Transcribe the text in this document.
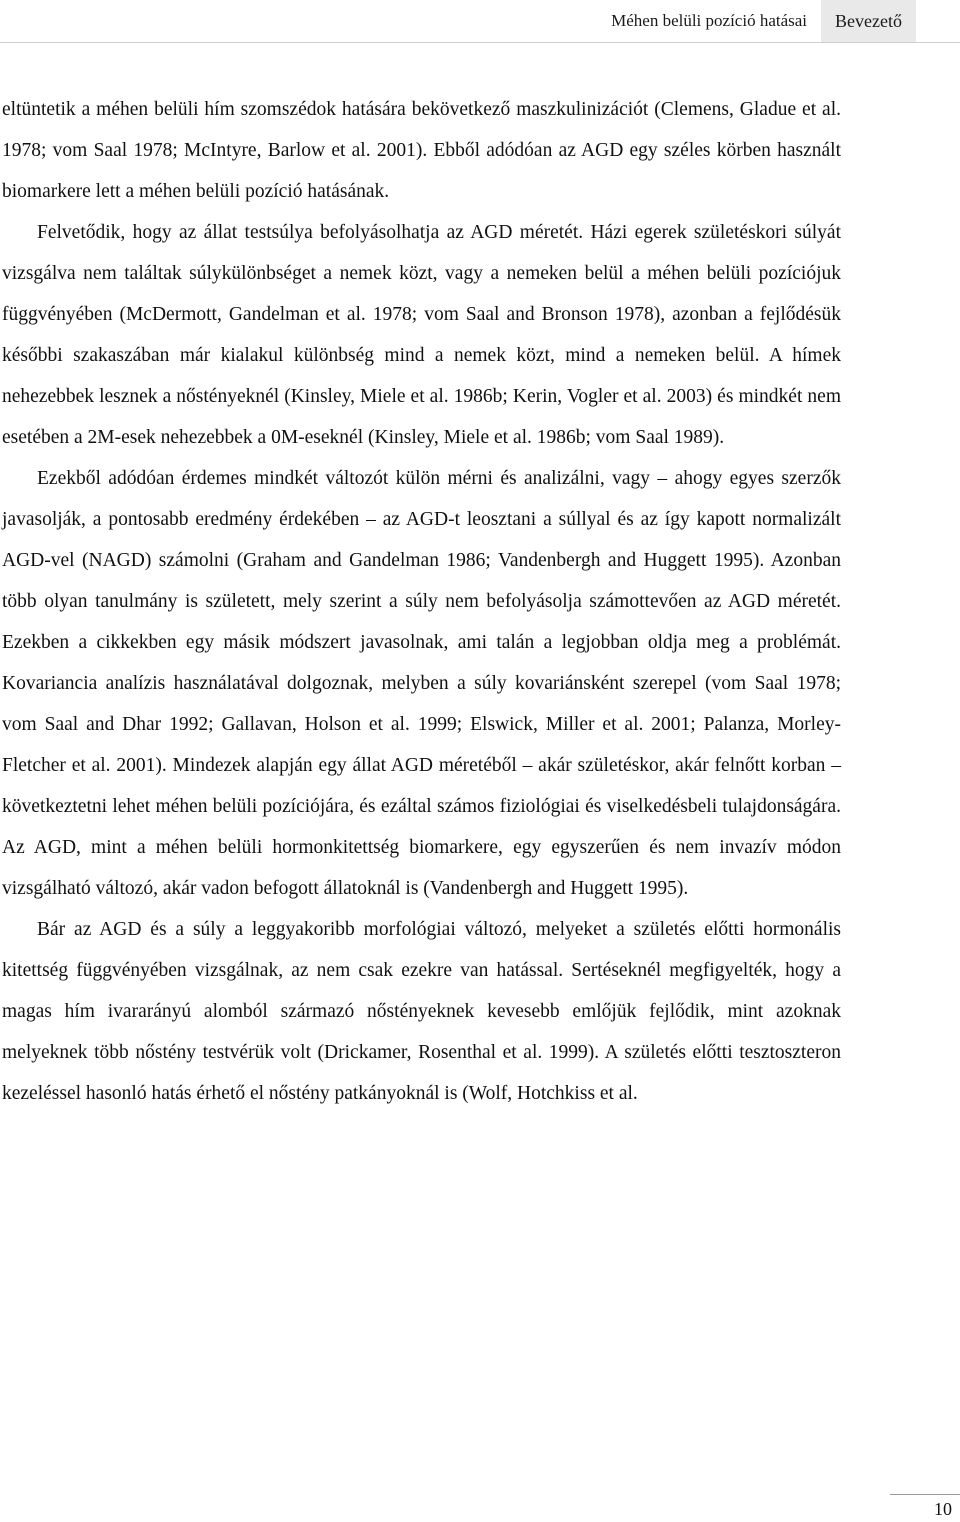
Méhen belüli pozíció hatásai	Bevezető

eltüntetik a méhen belüli hím szomszédok hatására bekövetkező maszkulinizációt (Clemens, Gladue et al. 1978; vom Saal 1978; McIntyre, Barlow et al. 2001). Ebből adódóan az AGD egy széles körben használt biomarkere lett a méhen belüli pozíció hatásának.

Felvetődik, hogy az állat testsúlya befolyásolhatja az AGD méretét. Házi egerek születéskori súlyát vizsgálva nem találtak súlykülönbséget a nemek közt, vagy a nemeken belül a méhen belüli pozíciójuk függvényében (McDermott, Gandelman et al. 1978; vom Saal and Bronson 1978), azonban a fejlődésük későbbi szakaszában már kialakul különbség mind a nemek közt, mind a nemeken belül. A hímek nehezebbek lesznek a nőstényeknél (Kinsley, Miele et al. 1986b; Kerin, Vogler et al. 2003) és mindkét nem esetében a 2M-esek nehezebbek a 0M-eseknél (Kinsley, Miele et al. 1986b; vom Saal 1989).

Ezekből adódóan érdemes mindkét változót külön mérni és analizálni, vagy – ahogy egyes szerzők javasolják, a pontosabb eredmény érdekében – az AGD-t leosztani a súllyal és az így kapott normalizált AGD-vel (NAGD) számolni (Graham and Gandelman 1986; Vandenbergh and Huggett 1995). Azonban több olyan tanulmány is született, mely szerint a súly nem befolyásolja számottevően az AGD méretét. Ezekben a cikkekben egy másik módszert javasolnak, ami talán a legjobban oldja meg a problémát. Kovariancia analízis használatával dolgoznak, melyben a súly kovariánsként szerepel (vom Saal 1978; vom Saal and Dhar 1992; Gallavan, Holson et al. 1999; Elswick, Miller et al. 2001; Palanza, Morley-Fletcher et al. 2001). Mindezek alapján egy állat AGD méretéből – akár születéskor, akár felnőtt korban – következtetni lehet méhen belüli pozíciójára, és ezáltal számos fiziológiai és viselkedésbeli tulajdonságára. Az AGD, mint a méhen belüli hormonkitettség biomarkere, egy egyszerűen és nem invazív módon vizsgálható változó, akár vadon befogott állatoknál is (Vandenbergh and Huggett 1995).

Bár az AGD és a súly a leggyakoribb morfológiai változó, melyeket a születés előtti hormonális kitettség függvényében vizsgálnak, az nem csak ezekre van hatással. Sertéseknél megfigyelték, hogy a magas hím ivararányú alomból származó nőstényeknek kevesebb emlőjük fejlődik, mint azoknak melyeknek több nőstény testvérük volt (Drickamer, Rosenthal et al. 1999). A születés előtti tesztoszteron kezeléssel hasonló hatás érhető el nőstény patkányoknál is (Wolf, Hotchkiss et al.

10
